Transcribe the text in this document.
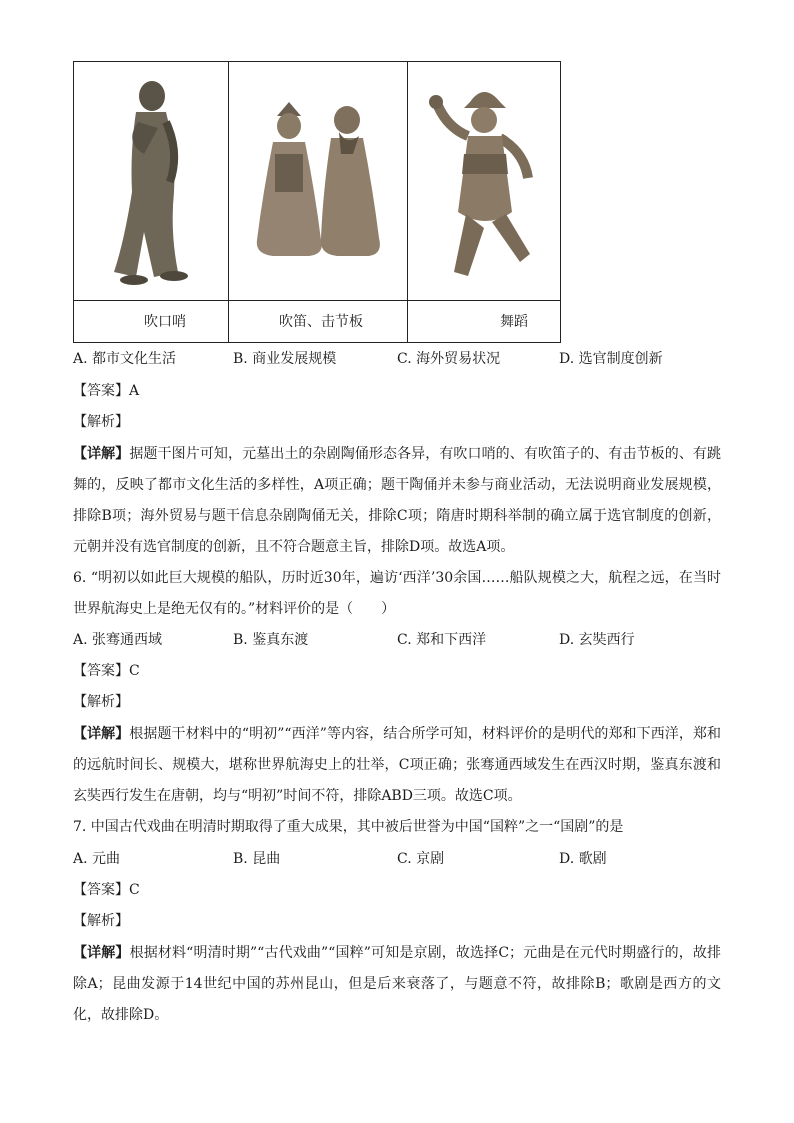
吹口哨	吹笛、击节板	舞蹈
A. 都市文化生活	B. 商业发展规模	C. 海外贸易状况	D. 选官制度创新
【答案】A
【解析】
【详解】据题干图片可知，元墓出土的杂剧陶俑形态各异，有吹口哨的、有吹笛子的、有击节板的、有跳舞的，反映了都市文化生活的多样性，A项正确；题干陶俑并未参与商业活动，无法说明商业发展规模，排除B项；海外贸易与题干信息杂剧陶俑无关，排除C项；隋唐时期科举制的确立属于选官制度的创新，元朝并没有选官制度的创新，且不符合题意主旨，排除D项。故选A项。
6. “明初以如此巨大规模的船队，历时近30年，遍访‘西洋’30余国……船队规模之大，航程之远，在当时世界航海史上是绝无仅有的。”材料评价的是（　　）
A. 张骞通西域	B. 鉴真东渡	C. 郑和下西洋	D. 玄奘西行
【答案】C
【解析】
【详解】根据题干材料中的“明初”“西洋”等内容，结合所学可知，材料评价的是明代的郑和下西洋，郑和的远航时间长、规模大，堪称世界航海史上的壮举，C项正确；张骞通西域发生在西汉时期，鉴真东渡和玄奘西行发生在唐朝，均与“明初”时间不符，排除ABD三项。故选C项。
7. 中国古代戏曲在明清时期取得了重大成果，其中被后世誉为中国“国粹”之一“国剧”的是
A. 元曲	B. 昆曲	C. 京剧	D. 歌剧
【答案】C
【解析】
【详解】根据材料“明清时期”“古代戏曲”“国粹”可知是京剧，故选择C；元曲是在元代时期盛行的，故排除A；昆曲发源于14世纪中国的苏州昆山，但是后来衰落了，与题意不符，故排除B；歌剧是西方的文化，故排除D。
